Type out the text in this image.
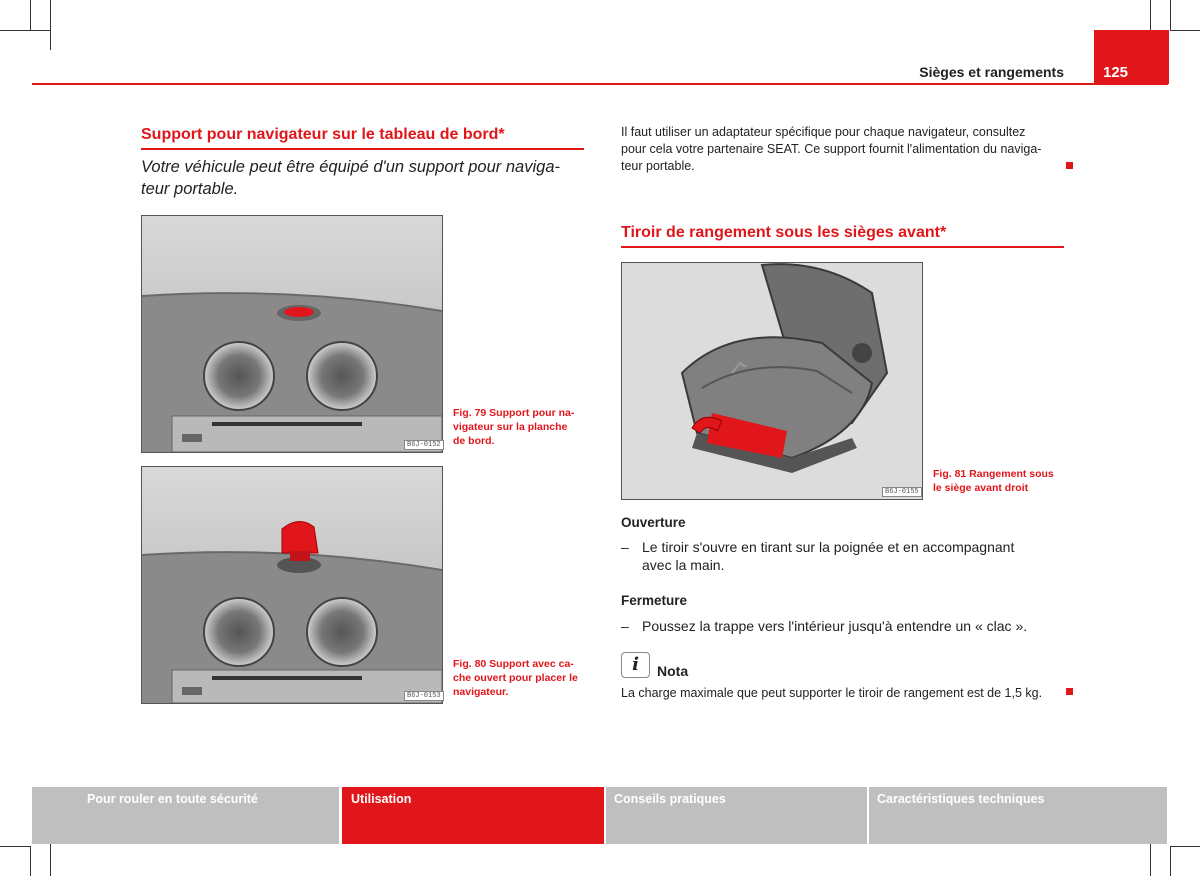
Sièges et rangements	125
Support pour navigateur sur le tableau de bord*
Votre véhicule peut être équipé d'un support pour naviga-
teur portable.
B6J-0152
Fig. 79 Support pour na-
vigateur sur la planche
de bord.
B6J-0153
Fig. 80 Support avec ca-
che ouvert pour placer le
navigateur.
Il faut utiliser un adaptateur spécifique pour chaque navigateur, consultez
pour cela votre partenaire SEAT. Ce support fournit l'alimentation du naviga-
teur portable.
Tiroir de rangement sous les sièges avant*
B6J-0155
Fig. 81 Rangement sous
le siège avant droit
Ouverture
– Le tiroir s'ouvre en tirant sur la poignée et en accompagnant
avec la main.
Fermeture
– Poussez la trappe vers l'intérieur jusqu'à entendre un « clac ».
i	Nota
La charge maximale que peut supporter le tiroir de rangement est de 1,5 kg.
Pour rouler en toute sécurité	Utilisation	Conseils pratiques	Caractéristiques techniques
